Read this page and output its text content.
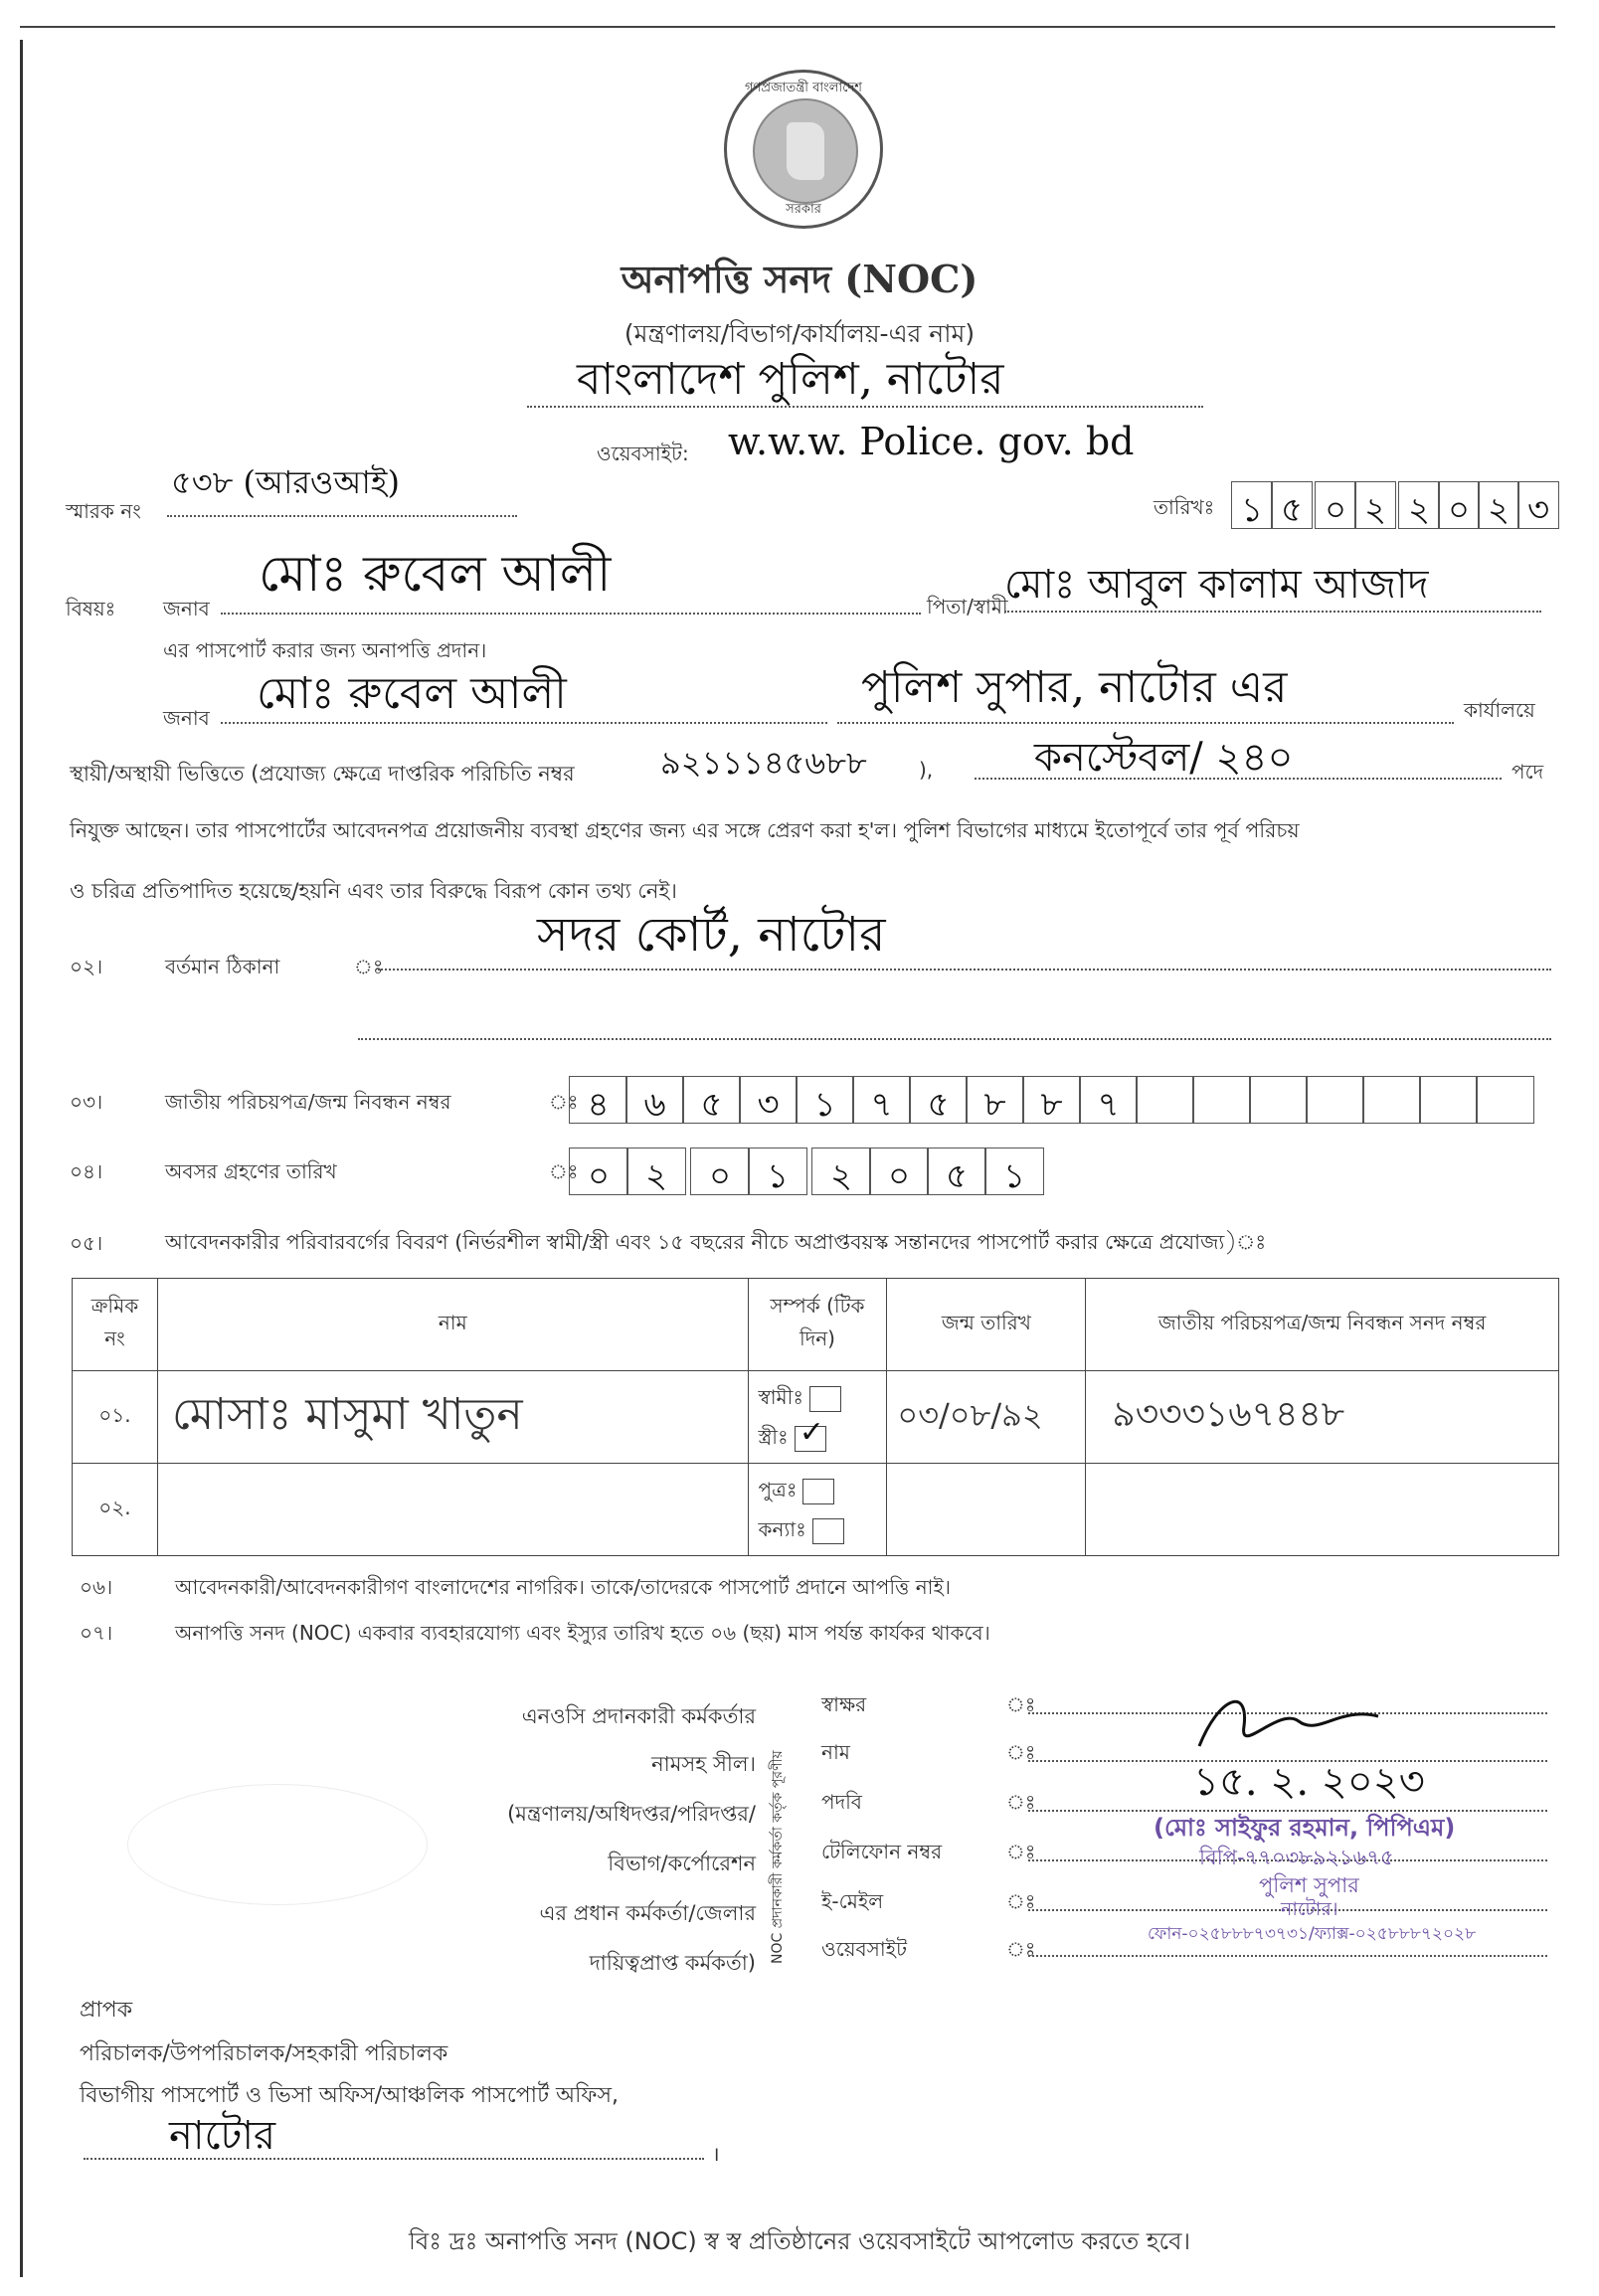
গণপ্রজাতন্ত্রী বাংলাদেশ
সরকার
অনাপত্তি সনদ (NOC)
(মন্ত্রণালয়/বিভাগ/কার্যালয়-এর নাম)
বাংলাদেশ পুলিশ, নাটোর
ওয়েবসাইট: w.w.w. Police. gov. bd
স্মারক নং
৫৩৮ (আরওআই)
তারিখঃ ১ ৫ ০ ২ ২ ০ ২ ৩
বিষয়ঃ জনাব
মোঃ রুবেল আলী
পিতা/স্বামী
মোঃ আবুল কালাম আজাদ
এর পাসপোর্ট করার জন্য অনাপত্তি প্রদান।
জনাব মোঃ রুবেল আলী	পুলিশ সুপার, নাটোর এর	কার্যালয়ে
স্থায়ী/অস্থায়ী ভিত্তিতে (প্রযোজ্য ক্ষেত্রে দাপ্তরিক পরিচিতি নম্বর	৯২১১১৪৫৬৮৮	),	কনস্টেবল/ ২৪০	পদে
নিযুক্ত আছেন। তার পাসপোর্টের আবেদনপত্র প্রয়োজনীয় ব্যবস্থা গ্রহণের জন্য এর সঙ্গে প্রেরণ করা হ'ল। পুলিশ বিভাগের মাধ্যমে ইতোপূর্বে তার পূর্ব পরিচয়
ও চরিত্র প্রতিপাদিত হয়েছে/হয়নি এবং তার বিরুদ্ধে বিরূপ কোন তথ্য নেই।
০২।	বর্তমান ঠিকানা	ঃ
সদর কোর্ট, নাটোর
০৩।	জাতীয় পরিচয়পত্র/জন্ম নিবন্ধন নম্বর	ঃ ৪	৬	৫	৩	১	৭	৫	৮	৮	৭
০৪।	অবসর গ্রহণের তারিখ	ঃ ০	২	০	১	২	০	৫	১
০৫।	আবেদনকারীর পরিবারবর্গের বিবরণ (নির্ভরশীল স্বামী/স্ত্রী এবং ১৫ বছরের নীচে অপ্রাপ্তবয়স্ক সন্তানদের পাসপোর্ট করার ক্ষেত্রে প্রযোজ্য)ঃ
ক্রমিক নং	নাম	সম্পর্ক (টিক দিন)	জন্ম তারিখ	জাতীয় পরিচয়পত্র/জন্ম নিবন্ধন সনদ নম্বর
০১.	মোসাঃ মাসুমা খাতুন	স্বামীঃ
স্ত্রীঃ ✓	০৩/০৮/৯২	৯৩৩৩১৬৭৪৪৮
০২.		পুত্রঃ
কন্যাঃ		

০৬।	আবেদনকারী/আবেদনকারীগণ বাংলাদেশের নাগরিক। তাকে/তাদেরকে পাসপোর্ট প্রদানে আপত্তি নাই।
০৭।	অনাপত্তি সনদ (NOC) একবার ব্যবহারযোগ্য এবং ইস্যুর তারিখ হতে ০৬ (ছয়) মাস পর্যন্ত কার্যকর থাকবে।
এনওসি প্রদানকারী কর্মকর্তার
নামসহ সীল।
(মন্ত্রণালয়/অধিদপ্তর/পরিদপ্তর/
বিভাগ/কর্পোরেশন
এর প্রধান কর্মকর্তা/জেলার
দায়িত্বপ্রাপ্ত কর্মকর্তা) NOC প্রদানকারী কর্মকর্তা কর্তৃক পূরণীয়
স্বাক্ষর
নাম
পদবি
টেলিফোন নম্বর
ই-মেইল
ওয়েবসাইট
ঃ
ঃ
ঃ
ঃ
ঃ
ঃ
১৫. ২. ২০২৩
(মোঃ সাইফুর রহমান, পিপিএম)
বিপি-৭৭০৩৮৯২১৬৭৫
পুলিশ সুপার
নাটোর।
ফোন-০২৫৮৮৮৭৩৭৩১/ফ্যাক্স-০২৫৮৮৮৭২০২৮
প্রাপক
পরিচালক/উপপরিচালক/সহকারী পরিচালক
বিভাগীয় পাসপোর্ট ও ভিসা অফিস/আঞ্চলিক পাসপোর্ট অফিস,
নাটোর	।
বিঃ দ্রঃ অনাপত্তি সনদ (NOC) স্ব স্ব প্রতিষ্ঠানের ওয়েবসাইটে আপলোড করতে হবে।
